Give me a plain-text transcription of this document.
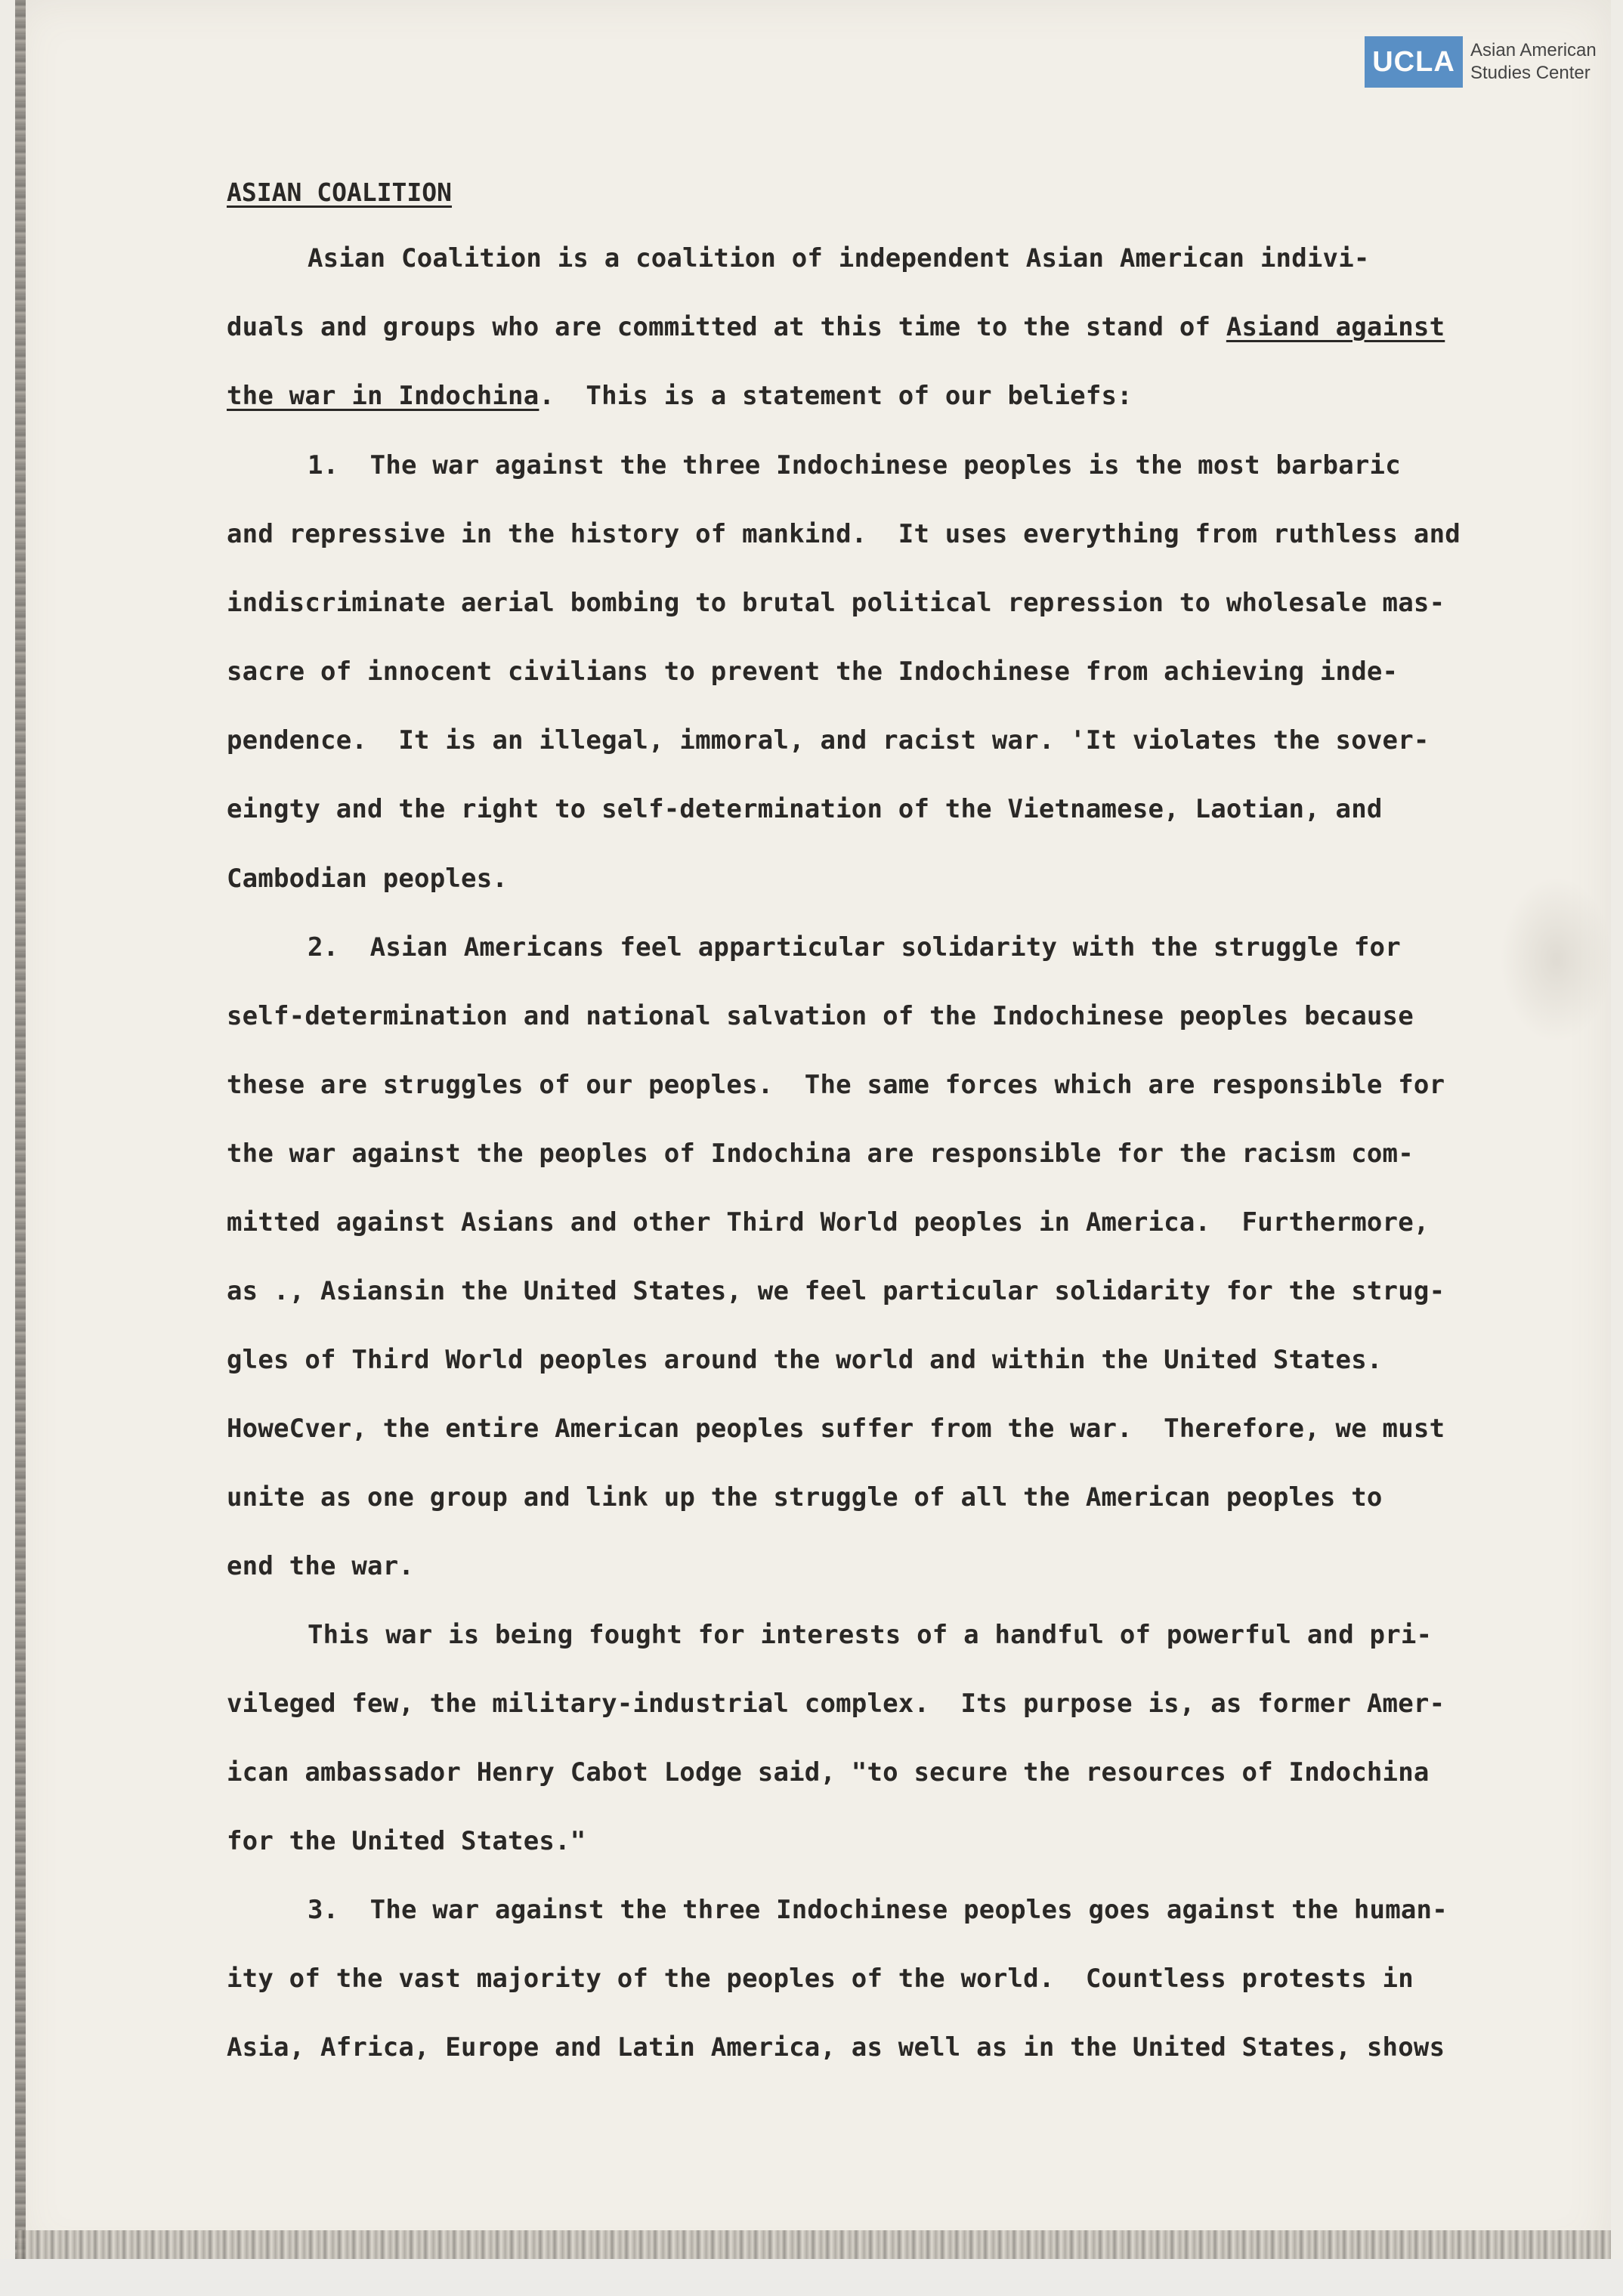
UCLA Asian American
Studies Center
ASIAN COALITION
Asian Coalition is a coalition of independent Asian American indivi-
duals and groups who are committed at this time to the stand of Asiand against
the war in Indochina.  This is a statement of our beliefs:
1.  The war against the three Indochinese peoples is the most barbaric
and repressive in the history of mankind.  It uses everything from ruthless and
indiscriminate aerial bombing to brutal political repression to wholesale mas-
sacre of innocent civilians to prevent the Indochinese from achieving inde-
pendence.  It is an illegal, immoral, and racist war. 'It violates the sover-
eingty and the right to self-determination of the Vietnamese, Laotian, and
Cambodian peoples.
2.  Asian Americans feel apparticular solidarity with the struggle for
self-determination and national salvation of the Indochinese peoples because
these are struggles of our peoples.  The same forces which are responsible for
the war against the peoples of Indochina are responsible for the racism com-
mitted against Asians and other Third World peoples in America.  Furthermore,
as ., Asiansin the United States, we feel particular solidarity for the strug-
gles of Third World peoples around the world and within the United States.
HoweCver, the entire American peoples suffer from the war.  Therefore, we must
unite as one group and link up the struggle of all the American peoples to
end the war.
This war is being fought for interests of a handful of powerful and pri-
vileged few, the military-industrial complex.  Its purpose is, as former Amer-
ican ambassador Henry Cabot Lodge said, "to secure the resources of Indochina
for the United States."
3.  The war against the three Indochinese peoples goes against the human-
ity of the vast majority of the peoples of the world.  Countless protests in
Asia, Africa, Europe and Latin America, as well as in the United States, shows
